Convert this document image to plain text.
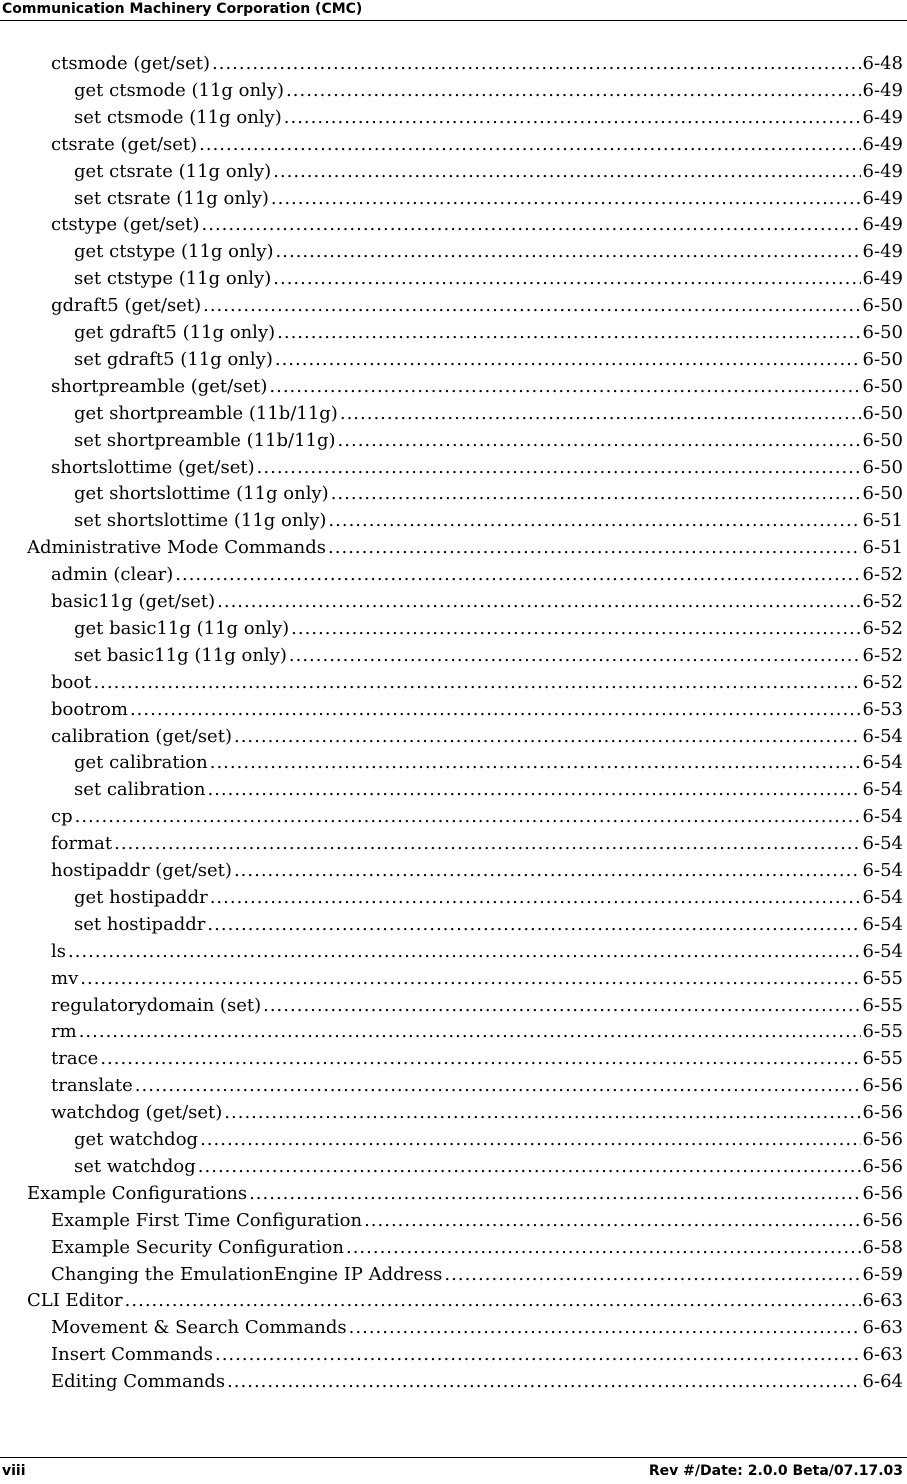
Communication Machinery Corporation (CMC)
ctsmode (get/set) .....	6-48
get ctsmode (11g only) .....	6-49
set ctsmode (11g only) .....	6-49
ctsrate (get/set) .....	6-49
get ctsrate (11g only) .....	6-49
set ctsrate (11g only) .....	6-49
ctstype (get/set) .....	6-49
get ctstype (11g only) .....	6-49
set ctstype (11g only) .....	6-49
gdraft5 (get/set) .....	6-50
get gdraft5 (11g only) .....	6-50
set gdraft5 (11g only) .....	6-50
shortpreamble (get/set) .....	6-50
get shortpreamble (11b/11g) .....	6-50
set shortpreamble (11b/11g) .....	6-50
shortslottime (get/set) .....	6-50
get shortslottime (11g only) .....	6-50
set shortslottime (11g only) .....	6-51
Administrative Mode Commands .....	6-51
admin (clear) .....	6-52
basic11g (get/set) .....	6-52
get basic11g (11g only) .....	6-52
set basic11g (11g only) .....	6-52
boot .....	6-52
bootrom .....	6-53
calibration (get/set) .....	6-54
get calibration .....	6-54
set calibration .....	6-54
cp .....	6-54
format .....	6-54
hostipaddr (get/set) .....	6-54
get hostipaddr .....	6-54
set hostipaddr .....	6-54
ls .....	6-54
mv .....	6-55
regulatorydomain (set) .....	6-55
rm .....	6-55
trace .....	6-55
translate .....	6-56
watchdog (get/set) .....	6-56
get watchdog .....	6-56
set watchdog .....	6-56
Example Configurations .....	6-56
Example First Time Configuration .....	6-56
Example Security Configuration .....	6-58
Changing the EmulationEngine IP Address .....	6-59
CLI Editor .....	6-63
Movement & Search Commands .....	6-63
Insert Commands .....	6-63
Editing Commands .....	6-64
viii	Rev #/Date: 2.0.0 Beta/07.17.03
